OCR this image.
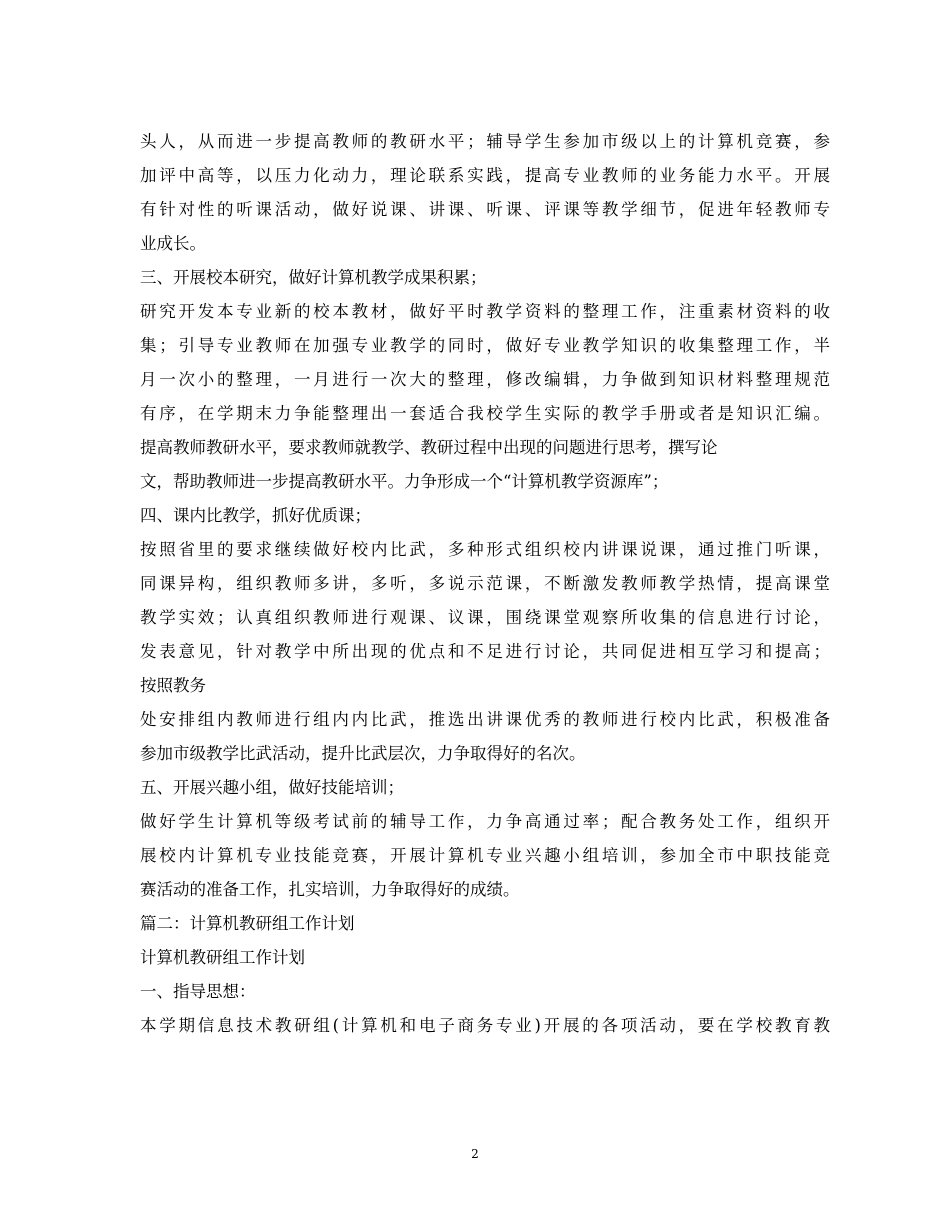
头人，从而进一步提高教师的教研水平；辅导学生参加市级以上的计算机竞赛，参
加评中高等，以压力化动力，理论联系实践，提高专业教师的业务能力水平。开展
有针对性的听课活动，做好说课、讲课、听课、评课等教学细节，促进年轻教师专
业成长。
三、开展校本研究，做好计算机教学成果积累；
研究开发本专业新的校本教材，做好平时教学资料的整理工作，注重素材资料的收
集；引导专业教师在加强专业教学的同时，做好专业教学知识的收集整理工作，半
月一次小的整理，一月进行一次大的整理，修改编辑，力争做到知识材料整理规范
有序，在学期末力争能整理出一套适合我校学生实际的教学手册或者是知识汇编。
提高教师教研水平，要求教师就教学、教研过程中出现的问题进行思考，撰写论
文，帮助教师进一步提高教研水平。力争形成一个“计算机教学资源库”；
四、课内比教学，抓好优质课；
按照省里的要求继续做好校内比武，多种形式组织校内讲课说课，通过推门听课，
同课异构，组织教师多讲，多听，多说示范课，不断激发教师教学热情，提高课堂
教学实效；认真组织教师进行观课、议课，围绕课堂观察所收集的信息进行讨论，
发表意见，针对教学中所出现的优点和不足进行讨论，共同促进相互学习和提高；
按照教务
处安排组内教师进行组内内比武，推选出讲课优秀的教师进行校内比武，积极准备
参加市级教学比武活动，提升比武层次，力争取得好的名次。
五、开展兴趣小组，做好技能培训；
做好学生计算机等级考试前的辅导工作，力争高通过率；配合教务处工作，组织开
展校内计算机专业技能竞赛，开展计算机专业兴趣小组培训，参加全市中职技能竞
赛活动的准备工作，扎实培训，力争取得好的成绩。
篇二：计算机教研组工作计划
计算机教研组工作计划
一、指导思想：
本学期信息技术教研组(计算机和电子商务专业)开展的各项活动，要在学校教育教
2
